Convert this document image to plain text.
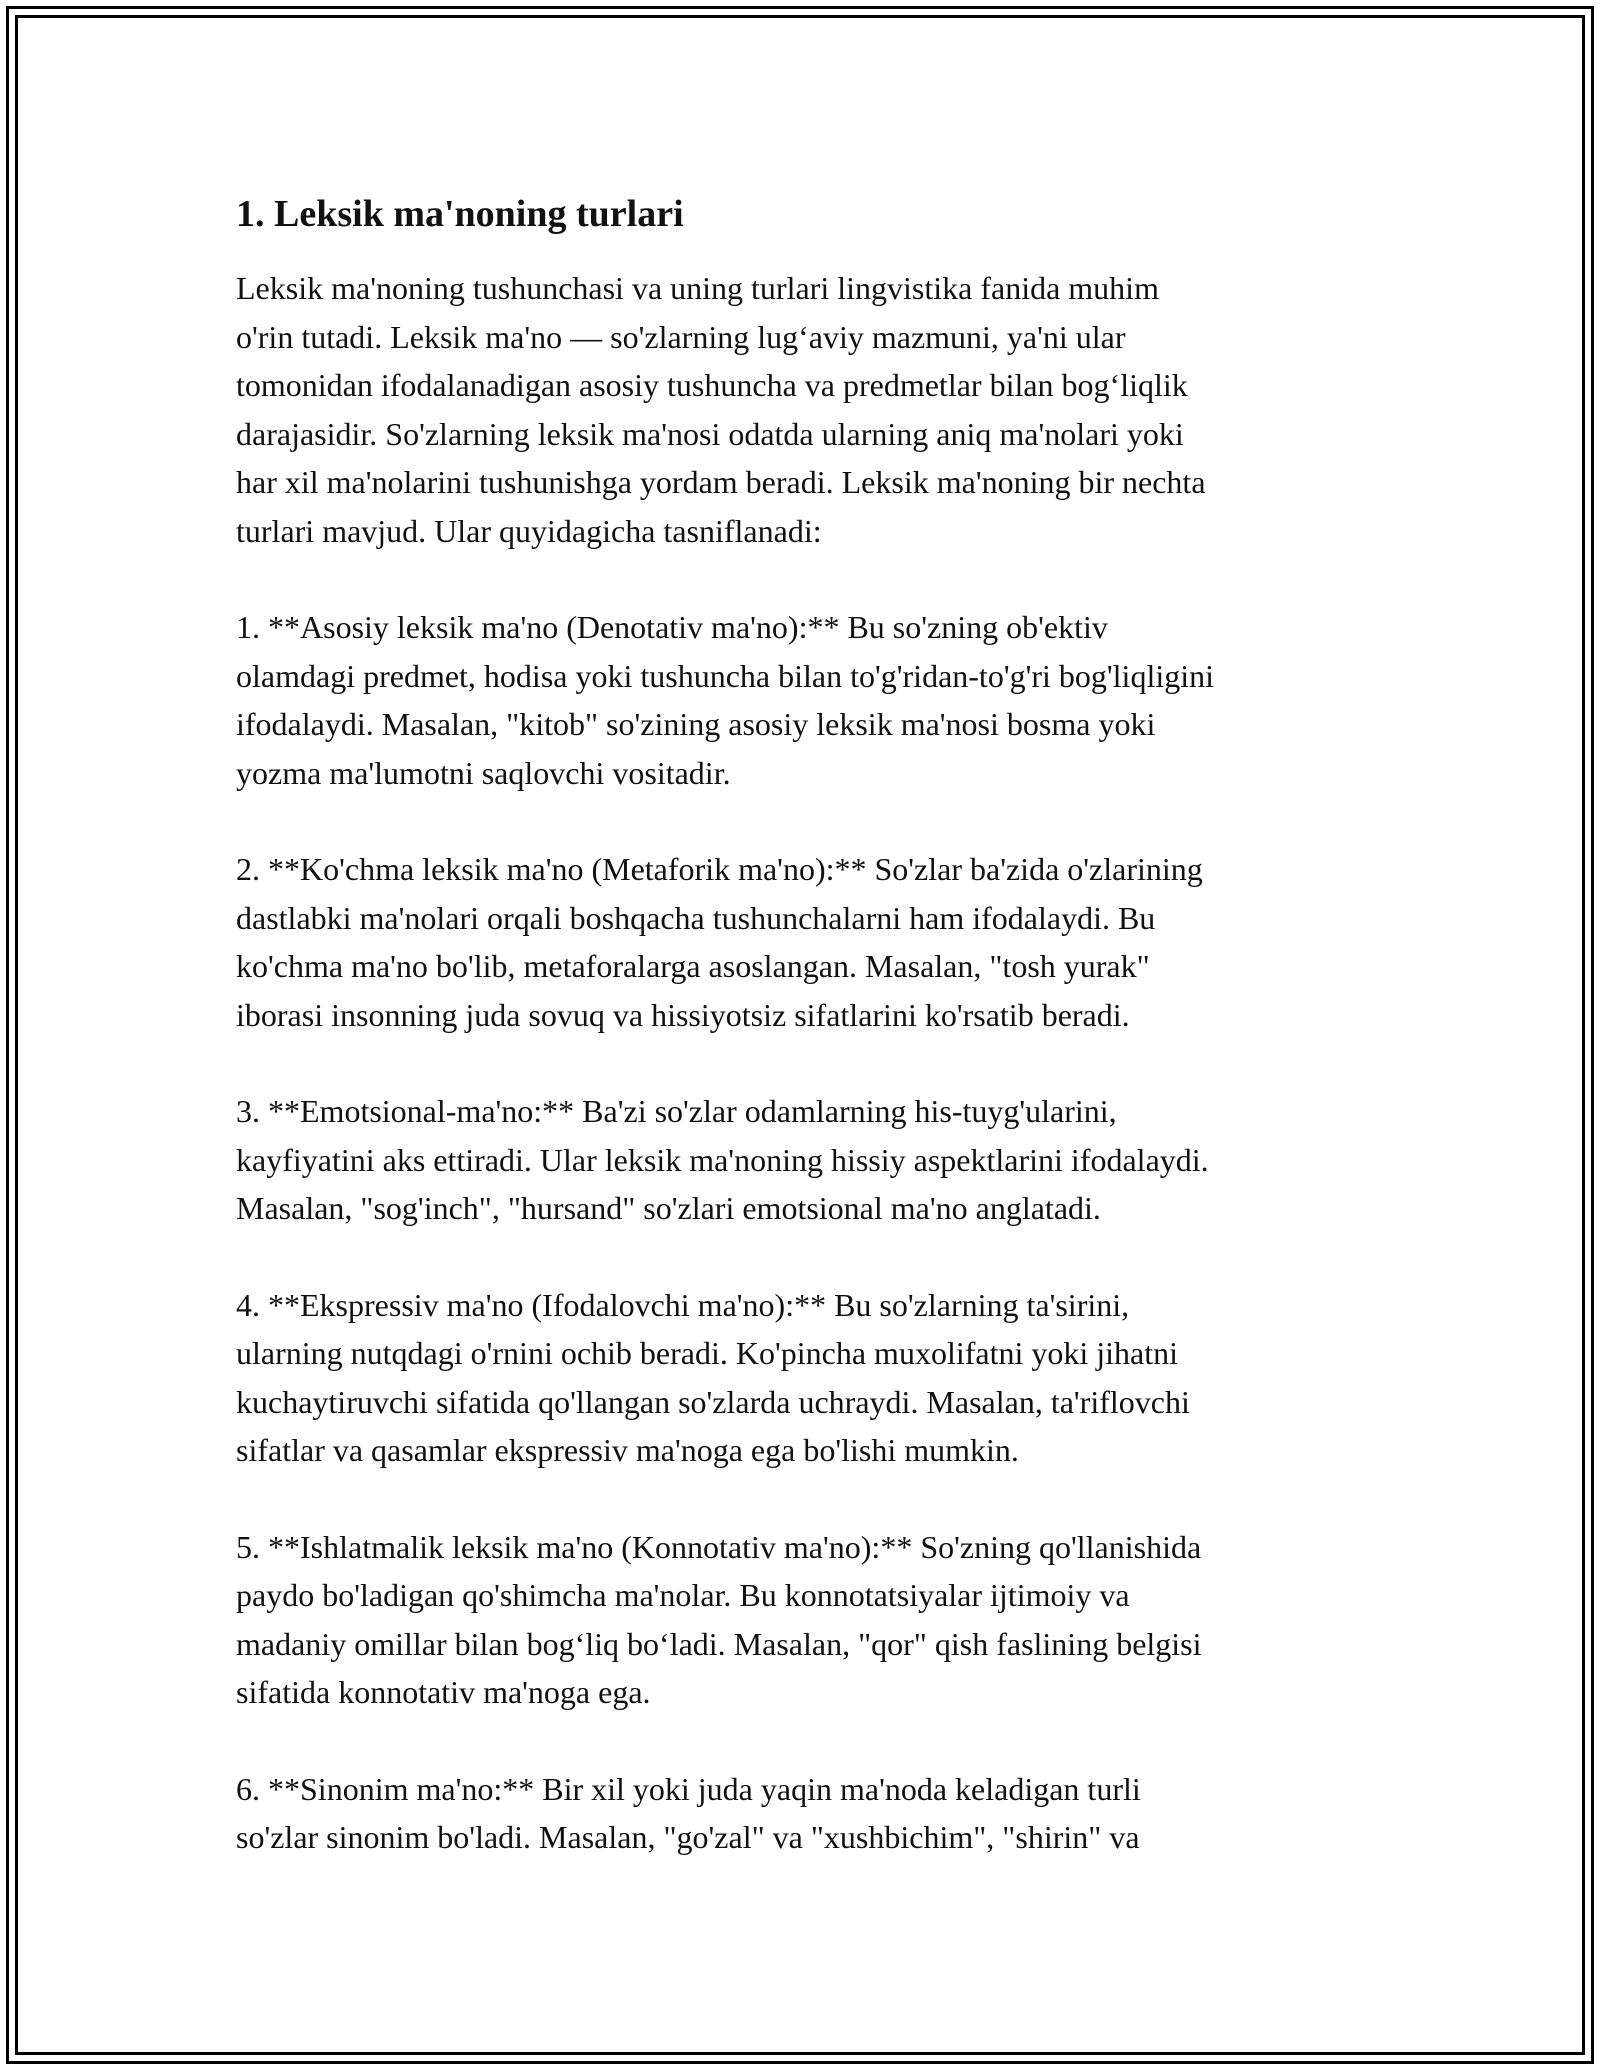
1. Leksik ma'noning turlari
Leksik ma'noning tushunchasi va uning turlari lingvistika fanida muhim
o'rin tutadi. Leksik ma'no — so'zlarning lug‘aviy mazmuni, ya'ni ular
tomonidan ifodalanadigan asosiy tushuncha va predmetlar bilan bog‘liqlik
darajasidir. So'zlarning leksik ma'nosi odatda ularning aniq ma'nolari yoki
har xil ma'nolarini tushunishga yordam beradi. Leksik ma'noning bir nechta
turlari mavjud. Ular quyidagicha tasniflanadi:
1. **Asosiy leksik ma'no (Denotativ ma'no):** Bu so'zning ob'ektiv
olamdagi predmet, hodisa yoki tushuncha bilan to'g'ridan-to'g'ri bog'liqligini
ifodalaydi. Masalan, "kitob" so'zining asosiy leksik ma'nosi bosma yoki
yozma ma'lumotni saqlovchi vositadir.
2. **Ko'chma leksik ma'no (Metaforik ma'no):** So'zlar ba'zida o'zlarining
dastlabki ma'nolari orqali boshqacha tushunchalarni ham ifodalaydi. Bu
ko'chma ma'no bo'lib, metaforalarga asoslangan. Masalan, "tosh yurak"
iborasi insonning juda sovuq va hissiyotsiz sifatlarini ko'rsatib beradi.
3. **Emotsional-ma'no:** Ba'zi so'zlar odamlarning his-tuyg'ularini,
kayfiyatini aks ettiradi. Ular leksik ma'noning hissiy aspektlarini ifodalaydi.
Masalan, "sog'inch", "hursand" so'zlari emotsional ma'no anglatadi.
4. **Ekspressiv ma'no (Ifodalovchi ma'no):** Bu so'zlarning ta'sirini,
ularning nutqdagi o'rnini ochib beradi. Ko'pincha muxolifatni yoki jihatni
kuchaytiruvchi sifatida qo'llangan so'zlarda uchraydi. Masalan, ta'riflovchi
sifatlar va qasamlar ekspressiv ma'noga ega bo'lishi mumkin.
5. **Ishlatmalik leksik ma'no (Konnotativ ma'no):** So'zning qo'llanishida
paydo bo'ladigan qo'shimcha ma'nolar. Bu konnotatsiyalar ijtimoiy va
madaniy omillar bilan bog‘liq bo‘ladi. Masalan, "qor" qish faslining belgisi
sifatida konnotativ ma'noga ega.
6. **Sinonim ma'no:** Bir xil yoki juda yaqin ma'noda keladigan turli
so'zlar sinonim bo'ladi. Masalan, "go'zal" va "xushbichim", "shirin" va
